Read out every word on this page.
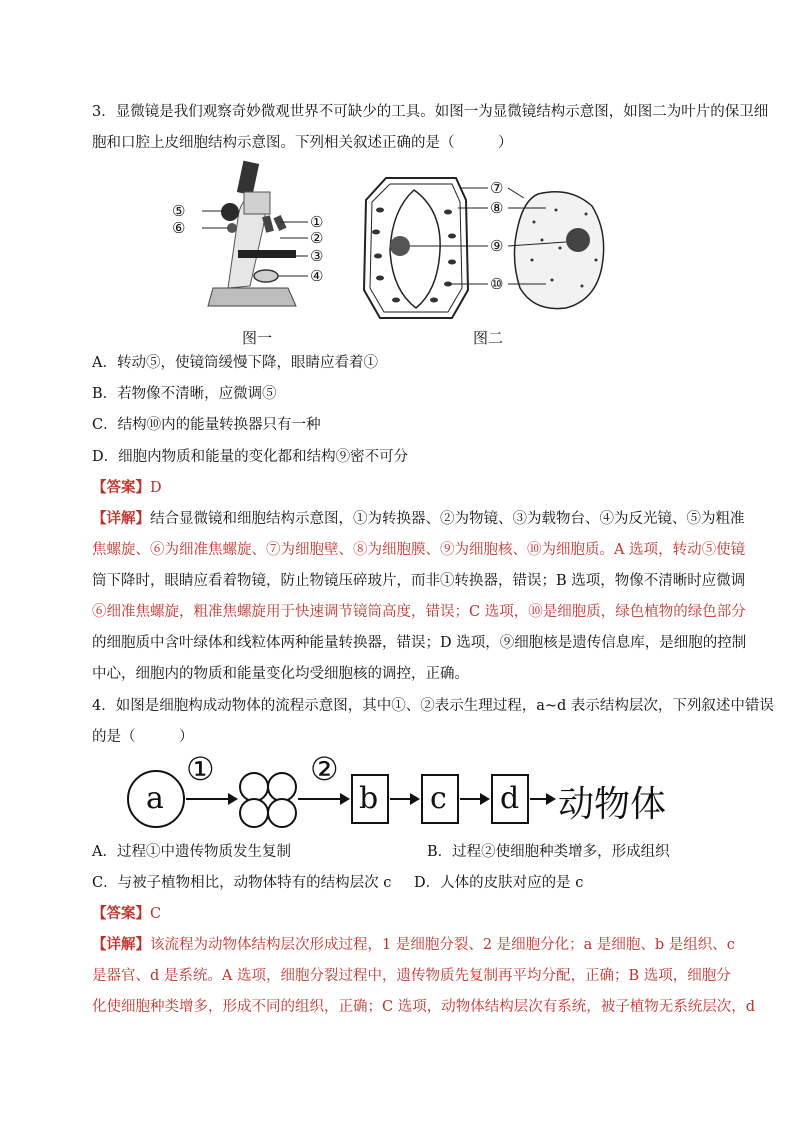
3．显微镜是我们观察奇妙微观世界不可缺少的工具。如图一为显微镜结构示意图，如图二为叶片的保卫细
胞和口腔上皮细胞结构示意图。下列相关叙述正确的是（　　　）
⑤
⑥	①
②
③
④
图一
⑦
⑧
⑨
⑩
图二
A．转动⑤，使镜筒缓慢下降，眼睛应看着①
B．若物像不清晰，应微调⑤
C．结构⑩内的能量转换器只有一种
D．细胞内物质和能量的变化都和结构⑨密不可分
【答案】D
【详解】结合显微镜和细胞结构示意图，①为转换器、②为物镜、③为载物台、④为反光镜、⑤为粗准
焦螺旋、⑥为细准焦螺旋、⑦为细胞壁、⑧为细胞膜、⑨为细胞核、⑩为细胞质。A 选项，转动⑤使镜
筒下降时，眼睛应看着物镜，防止物镜压碎玻片，而非①转换器，错误；B 选项，物像不清晰时应微调
⑥细准焦螺旋，粗准焦螺旋用于快速调节镜筒高度，错误；C 选项，⑩是细胞质，绿色植物的绿色部分
的细胞质中含叶绿体和线粒体两种能量转换器，错误；D 选项，⑨细胞核是遗传信息库，是细胞的控制
中心，细胞内的物质和能量变化均受细胞核的调控，正确。
4．如图是细胞构成动物体的流程示意图，其中①、②表示生理过程，a~d 表示结构层次，下列叙述中错误
的是（　　　）
a
①	②
b c d 动物体
A．过程①中遗传物质发生复制	B．过程②使细胞种类增多，形成组织
C．与被子植物相比，动物体特有的结构层次 c D．人体的皮肤对应的是 c
【答案】C
【详解】该流程为动物体结构层次形成过程，1 是细胞分裂、2 是细胞分化；a 是细胞、b 是组织、c
是器官、d 是系统。A 选项，细胞分裂过程中，遗传物质先复制再平均分配，正确；B 选项，细胞分
化使细胞种类增多，形成不同的组织，正确；C 选项，动物体结构层次有系统，被子植物无系统层次，d
